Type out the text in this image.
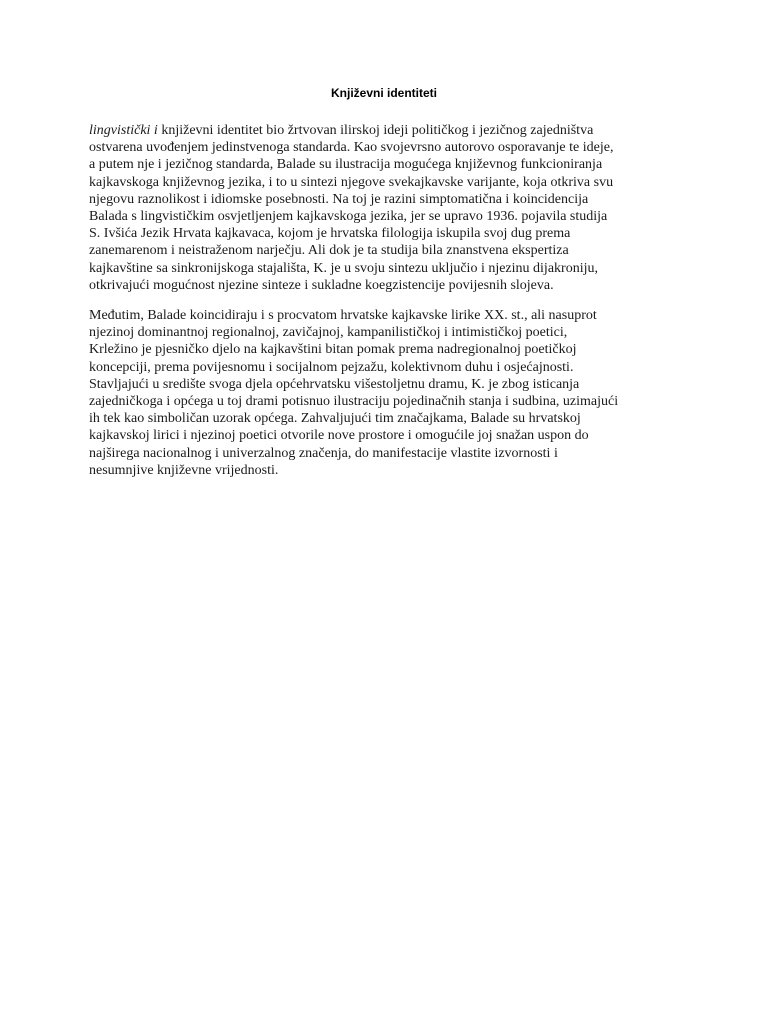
Književni identiteti

lingvistički i književni identitet bio žrtvovan ilirskoj ideji političkog i jezičnog zajedništva
ostvarena uvođenjem jedinstvenoga standarda. Kao svojevrsno autorovo osporavanje te ideje,
a putem nje i jezičnog standarda, Balade su ilustracija mogućega književnog funkcioniranja
kajkavskoga književnog jezika, i to u sintezi njegove svekajkavske varijante, koja otkriva svu
njegovu raznolikost i idiomske posebnosti. Na toj je razini simptomatična i koincidencija
Balada s lingvističkim osvjetljenjem kajkavskoga jezika, jer se upravo 1936. pojavila studija
S. Ivšića Jezik Hrvata kajkavaca, kojom je hrvatska filologija iskupila svoj dug prema
zanemarenom i neistraženom narječju. Ali dok je ta studija bila znanstvena ekspertiza
kajkavštine sa sinkronijskoga stajališta, K. je u svoju sintezu uključio i njezinu dijakroniju,
otkrivajući mogućnost njezine sinteze i sukladne koegzistencije povijesnih slojeva.

Međutim, Balade koincidiraju i s procvatom hrvatske kajkavske lirike XX. st., ali nasuprot
njezinoj dominantnoj regionalnoj, zavičajnoj, kampanilističkoj i intimističkoj poetici,
Krležino je pjesničko djelo na kajkavštini bitan pomak prema nadregionalnoj poetičkoj
koncepciji, prema povijesnomu i socijalnom pejzažu, kolektivnom duhu i osjećajnosti.
Stavljajući u središte svoga djela općehrvatsku višestoljetnu dramu, K. je zbog isticanja
zajedničkoga i općega u toj drami potisnuo ilustraciju pojedinačnih stanja i sudbina, uzimajući
ih tek kao simboličan uzorak općega. Zahvaljujući tim značajkama, Balade su hrvatskoj
kajkavskoj lirici i njezinoj poetici otvorile nove prostore i omogućile joj snažan uspon do
najširega nacionalnog i univerzalnog značenja, do manifestacije vlastite izvornosti i
nesumnjive književne vrijednosti.
